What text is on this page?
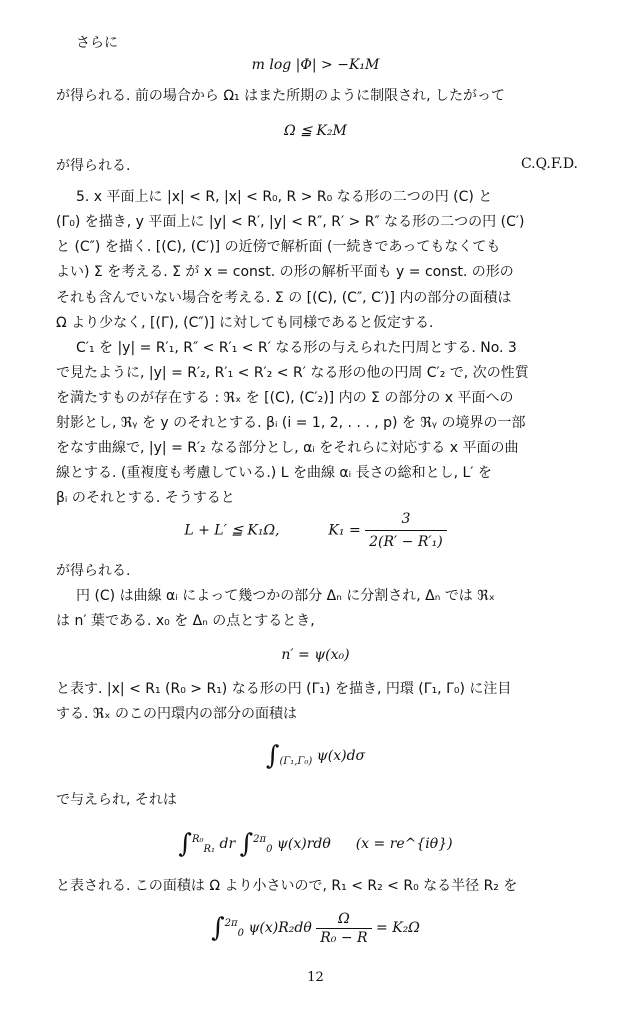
さらに
m log |Φ| > −K₁M
が得られる. 前の場合から Ω₁ はまた所期のように制限され, したがって
Ω ≦ K₂M
が得られる.	C.Q.F.D.
5. x 平面上に |x| < R, |x| < R₀, R > R₀ なる形の二つの円 (C) と
(Γ₀) を描き, y 平面上に |y| < R′, |y| < R″, R′ > R″ なる形の二つの円 (C′)
と (C″) を描く. [(C), (C′)] の近傍で解析面 (一続きであってもなくても
よい) Σ を考える. Σ が x = const. の形の解析平面も y = const. の形の
それも含んでいない場合を考える. Σ の [(C), (C″, C′)] 内の部分の面積は
Ω より少なく, [(Γ), (C″)] に対しても同様であると仮定する.
C′₁ を |y| = R′₁, R″ < R′₁ < R′ なる形の与えられた円周とする. No. 3
で見たように, |y| = R′₂, R′₁ < R′₂ < R′ なる形の他の円周 C′₂ で, 次の性質
を満たすものが存在する : ℜₓ を [(C), (C′₂)] 内の Σ の部分の x 平面への
射影とし, ℜᵧ を y のそれとする. βᵢ (i = 1, 2, . . . , p) を ℜᵧ の境界の一部
をなす曲線で, |y| = R′₂ なる部分とし, αᵢ をそれらに対応する x 平面の曲
線とする. (重複度も考慮している.) L を曲線 αᵢ 長さの総和とし, L′ を
βᵢ のそれとする. そうすると
L + L′ ≦ K₁Ω,	$K_1 = \frac{3}{\text{2(R′ − R′₁)}}$
が得られる.
円 (C) は曲線 αᵢ によって幾つかの部分 Δₙ に分割され, Δₙ では ℜₓ
は n′ 葉である. x₀ を Δₙ の点とするとき,
n′ = ψ(x₀)
と表す. |x| < R₁ (R₀ > R₁) なる形の円 (Γ₁) を描き, 円環 (Γ₁, Γ₀) に注目
する. ℜₓ のこの円環内の部分の面積は
$\int_{(\Gamma_1,\Gamma_0)}$ ψ(x)dσ
で与えられ, それは
∫$^{R_0}_{R_1}$ dr ∫$^{2\pi}_0$ ψ(x)rdθ (x = re^{iθ})
と表される. この面積は Ω より小さいので, R₁ < R₂ < R₀ なる半径 R₂ を
∫$^{2\pi}_0$ $\psi(x)R_2d\theta \frac{\Omega}{\text{R₀ − R}} = K_2\Omega$
12
